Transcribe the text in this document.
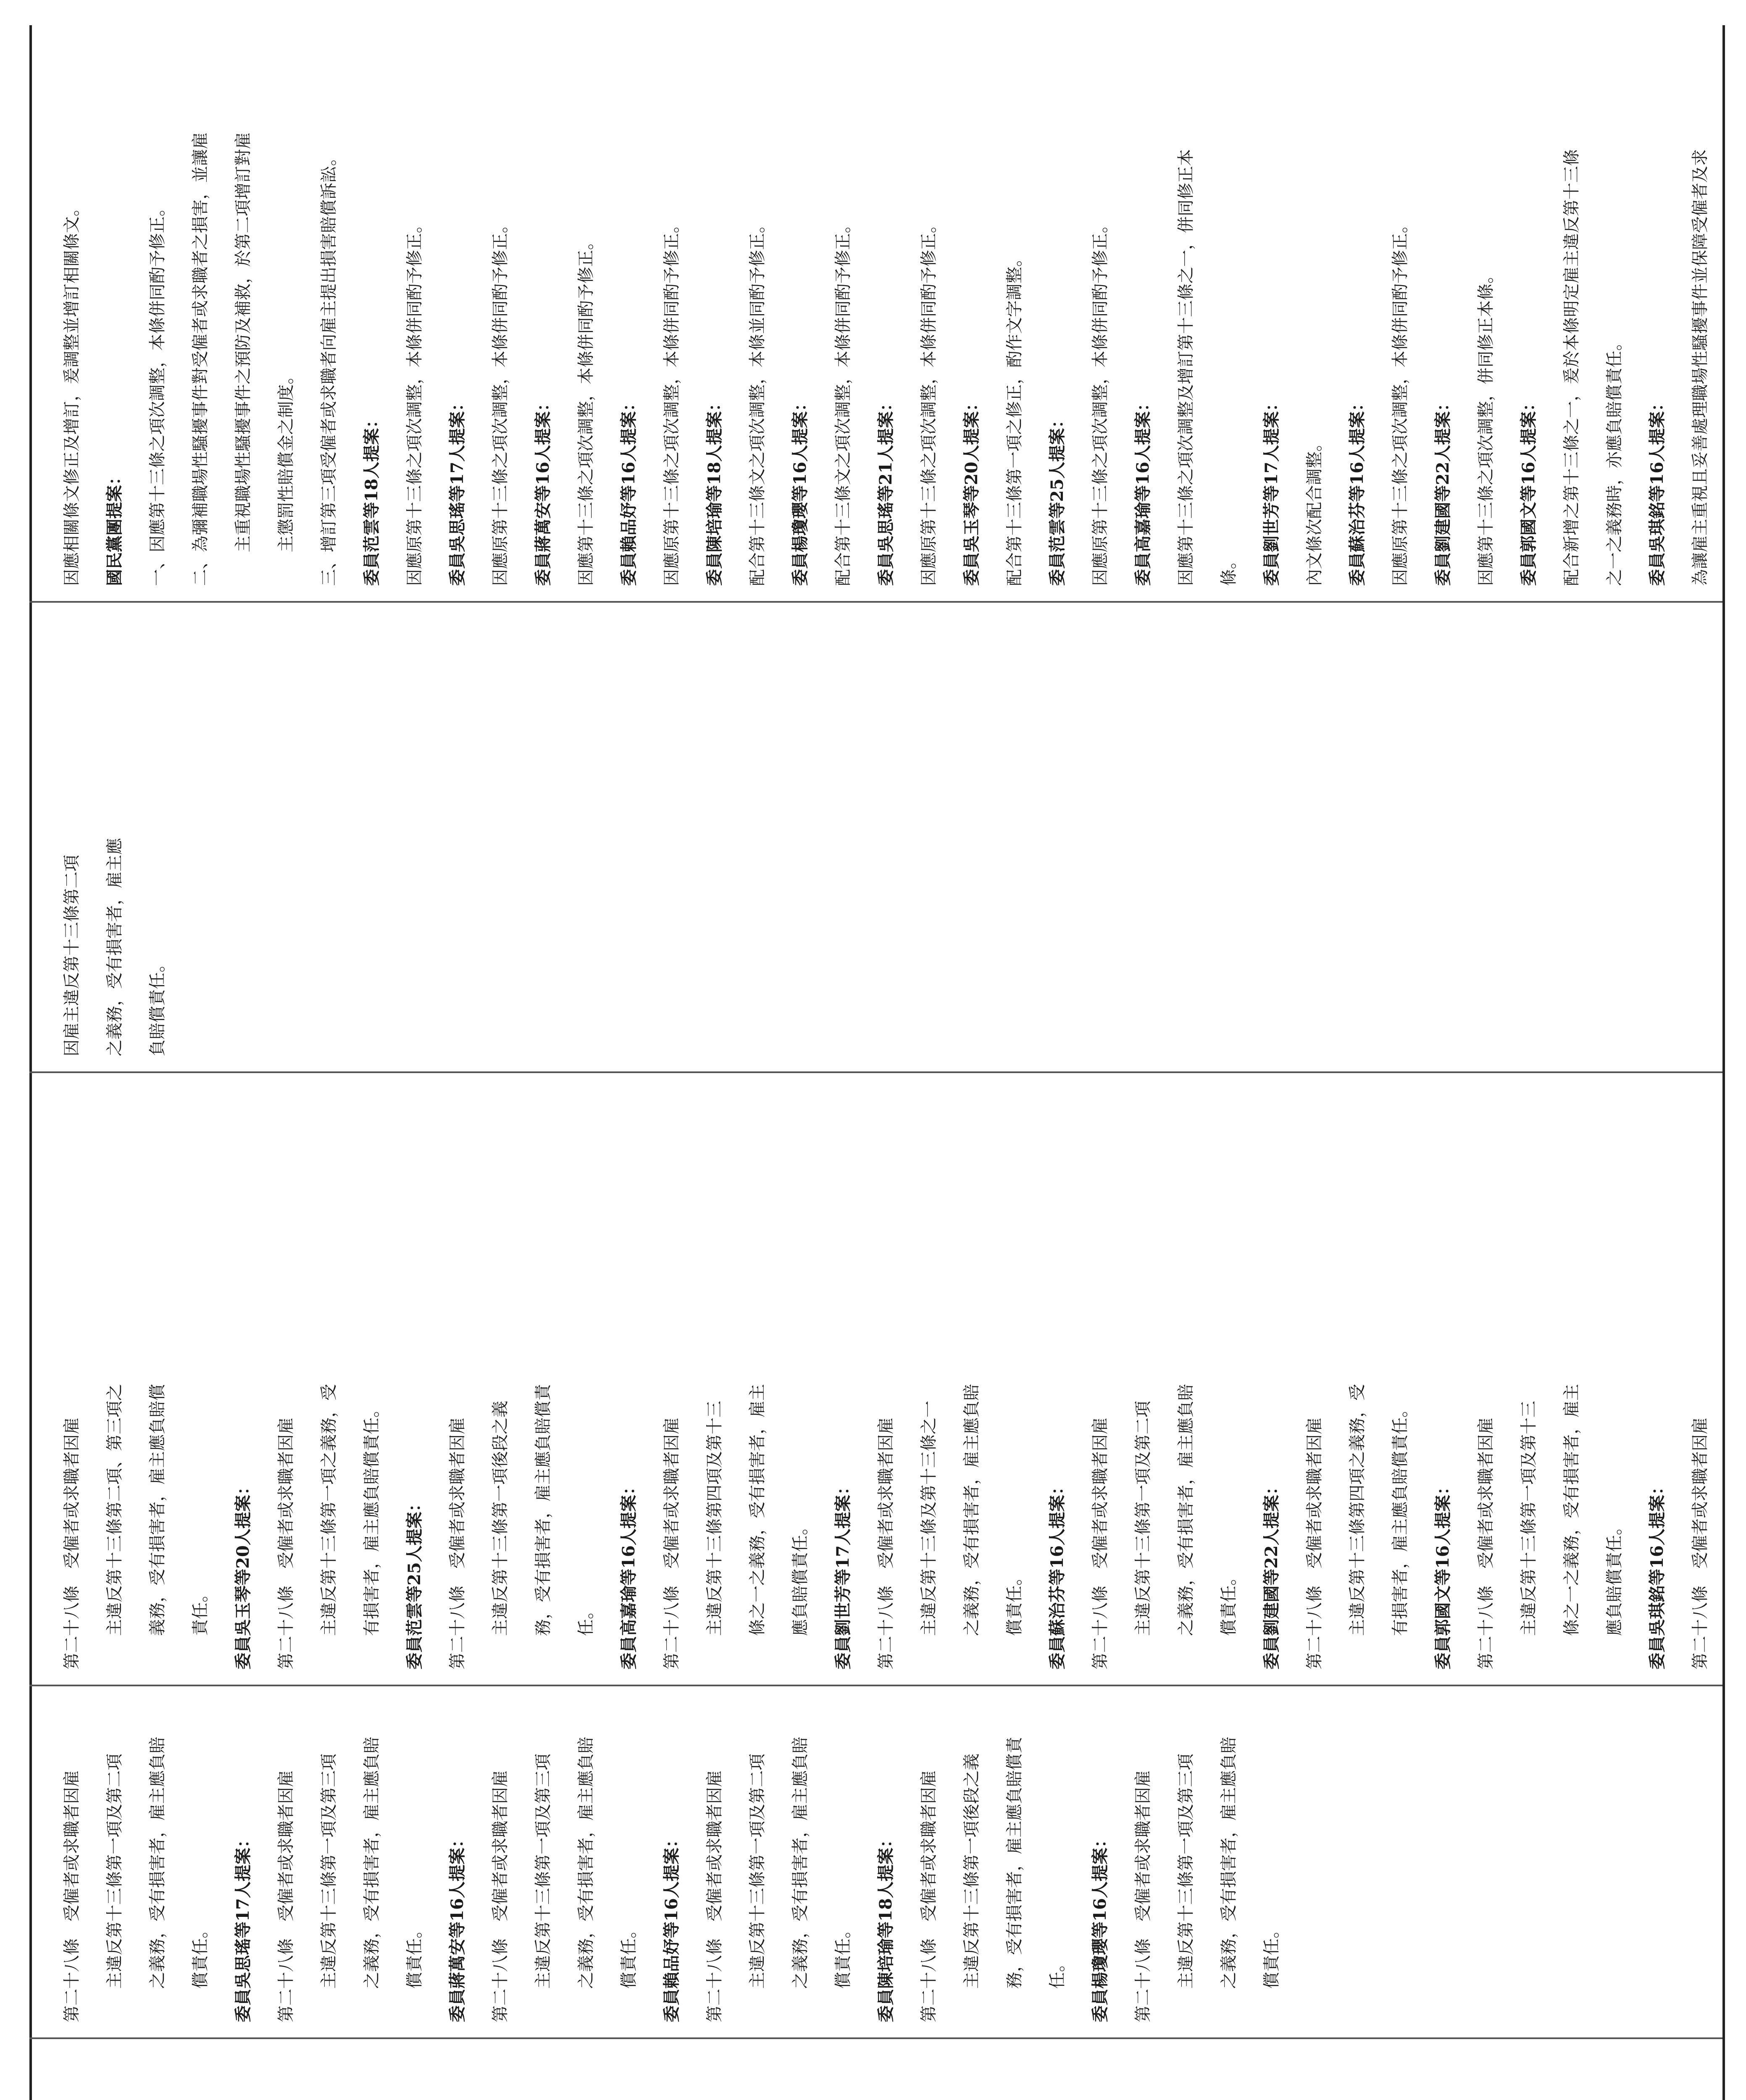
第二十八條　受僱者或求職者因雇	主違反第十三條第一項及第二項	之義務，受有損害者，雇主應負賠	償責任。	委員吳思瑤等17人提案：	第二十八條　受僱者或求職者因雇	主違反第十三條第一項及第三項	之義務，受有損害者，雇主應負賠	償責任。	委員蔣萬安等16人提案：	第二十八條　受僱者或求職者因雇	主違反第十三條第一項及第三項	之義務，受有損害者，雇主應負賠	償責任。	委員賴品妤等16人提案：	第二十八條　受僱者或求職者因雇	主違反第十三條第一項及第二項	之義務，受有損害者，雇主應負賠	償責任。	委員陳培瑜等18人提案：	第二十八條　受僱者或求職者因雇	主違反第十三條第一項後段之義	務，受有損害者，雇主應負賠償責	任。	委員楊瓊瓔等16人提案：	第二十八條　受僱者或求職者因雇	主違反第十三條第一項及第三項	之義務，受有損害者，雇主應負賠	償責任。

第二十八條　受僱者或求職者因雇	主違反第十三條第二項、第三項之	義務，受有損害者，雇主應負賠償	責任。	委員吳玉琴等20人提案：	第二十八條　受僱者或求職者因雇	主違反第十三條第一項之義務，受	有損害者，雇主應負賠償責任。	委員范雲等25人提案：	第二十八條　受僱者或求職者因雇	主違反第十三條第一項後段之義	務，受有損害者，雇主應負賠償責	任。	委員高嘉瑜等16人提案：	第二十八條　受僱者或求職者因雇	主違反第十三條第四項及第十三	條之一之義務，受有損害者，雇主	應負賠償責任。	委員劉世芳等17人提案：	第二十八條　受僱者或求職者因雇	主違反第十三條及第十三條之一	之義務，受有損害者，雇主應負賠	償責任。	委員蘇治芬等16人提案：	第二十八條　受僱者或求職者因雇	主違反第十三條第一項及第二項	之義務，受有損害者，雇主應負賠	償責任。	委員劉建國等22人提案：	第二十八條　受僱者或求職者因雇	主違反第十三條第四項之義務，受	有損害者，雇主應負賠償責任。	委員郭國文等16人提案：	第二十八條　受僱者或求職者因雇	主違反第十三條第一項及第十三	條之一之義務，受有損害者，雇主	應負賠償責任。	委員吳琪銘等16人提案：	第二十八條　受僱者或求職者因雇

因雇主違反第十三條第二項	之義務，受有損害者，雇主應	負賠償責任。

因應相關條文修正及增訂，爰調整並增訂相關條文。	國民黨團提案：	一、因應第十三條之項次調整，本條併同酌予修正。	二、為彌補職場性騷擾事件對受僱者或求職者之損害，並讓雇	主重視職場性騷擾事件之預防及補救，於第二項增訂對雇	主懲罰性賠償金之制度。	三、增訂第三項受僱者或求職者向雇主提出損害賠償訴訟。	委員范雲等18人提案：	因應原第十三條之項次調整，本條併同酌予修正。	委員吳思瑤等17人提案：	因應原第十三條之項次調整，本條併同酌予修正。	委員蔣萬安等16人提案：	因應第十三條之項次調整，本條併同酌予修正。	委員賴品妤等16人提案：	因應原第十三條之項次調整，本條併同酌予修正。	委員陳培瑜等18人提案：	配合第十三條文之項次調整，本條並同酌予修正。	委員楊瓊瓔等16人提案：	配合第十三條文之項次調整，本條併同酌予修正。	委員吳思瑤等21人提案：	因應原第十三條之項次調整，本條併同酌予修正。	委員吳玉琴等20人提案：	配合第十三條第一項之修正，酌作文字調整。	委員范雲等25人提案：	因應原第十三條之項次調整，本條併同酌予修正。	委員高嘉瑜等16人提案：	因應第十三條之項次調整及增訂第十三條之一，併同修正本	條。	委員劉世芳等17人提案：	內文條次配合調整。	委員蘇治芬等16人提案：	因應原第十三條之項次調整，本條併同酌予修正。	委員劉建國等22人提案：	因應第十三條之項次調整，併同修正本條。	委員郭國文等16人提案：	配合新增之第十三條之一，爰於本條明定雇主違反第十三條	之一之義務時，亦應負賠償責任。	委員吳琪銘等16人提案：	為讓雇主重視且妥善處理職場性騷擾事件並保障受僱者及求
